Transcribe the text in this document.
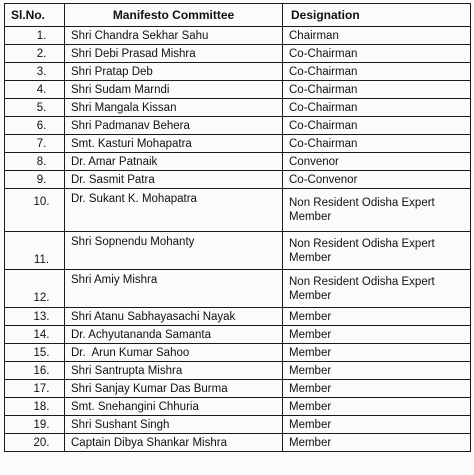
Sl.No.	Manifesto Committee	Designation
1.	Shri Chandra Sekhar Sahu	Chairman
2.	Shri Debi Prasad Mishra	Co-Chairman
3.	Shri Pratap Deb	Co-Chairman
4.	Shri Sudam Marndi	Co-Chairman
5.	Shri Mangala Kissan	Co-Chairman
6.	Shri Padmanav Behera	Co-Chairman
7.	Smt. Kasturi Mohapatra	Co-Chairman
8.	Dr. Amar Patnaik	Convenor
9.	Dr. Sasmit Patra	Co-Convenor
10.	Dr. Sukant K. Mohapatra	Non Resident Odisha Expert Member

11.	Shri Sopnendu Mohanty	Non Resident Odisha Expert Member

12.	Shri Amiy Mishra	Non Resident Odisha Expert Member

13.	Shri Atanu Sabhayasachi Nayak	Member
14.	Dr. Achyutananda Samanta	Member
15.	Dr.  Arun Kumar Sahoo	Member
16.	Shri Santrupta Mishra	Member
17.	Shri Sanjay Kumar Das Burma	Member
18.	Smt. Snehangini Chhuria	Member
19.	Shri Sushant Singh	Member
20.	Captain Dibya Shankar Mishra	Member
